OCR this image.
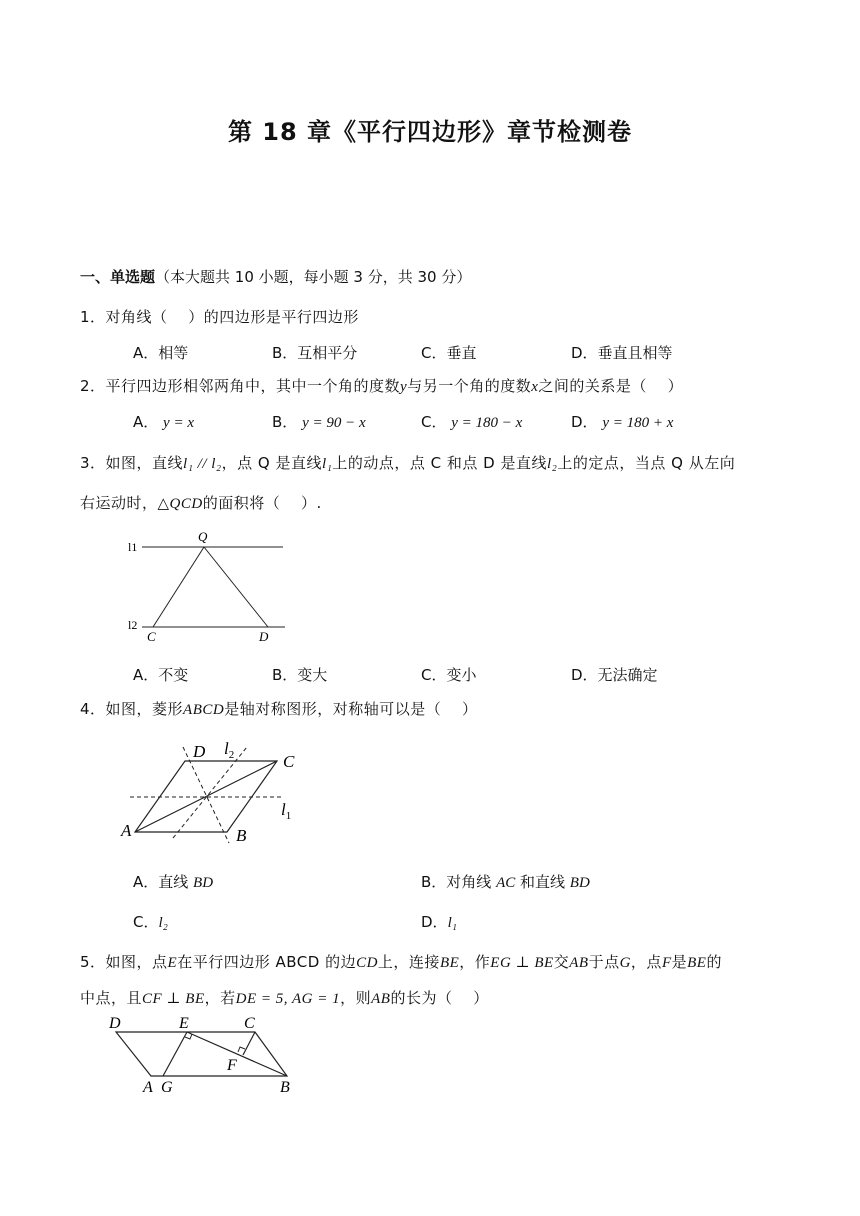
第 18 章《平行四边形》章节检测卷
一、单选题（本大题共 10 小题，每小题 3 分，共 30 分）
1．对角线（　 ）的四边形是平行四边形
A．相等	B．互相平分	C．垂直	D．垂直且相等
2．平行四边形相邻两角中，其中一个角的度数y与另一个角的度数x之间的关系是（　 ）
A． y = x	B． y = 90 − x	C． y = 180 − x	D． y = 180 + x
3．如图，直线l₁ // l₂，点 Q 是直线l₁上的动点，点 C 和点 D 是直线l₂上的定点，当点 Q 从左向
右运动时，△QCD的面积将（　 ）.
l1
l2
Q
C	D
A．不变	B．变大	C．变小	D．无法确定
4．如图，菱形ABCD是轴对称图形，对称轴可以是（　 ）
A	B
C
D $l_2$
$l_1$
A．直线 BD	B．对角线 AC 和直线 BD
C．l₂	D．l₁
5．如图，点E在平行四边形 ABCD 的边CD上，连接BE，作EG ⊥ BE交AB于点G，点F是BE的
中点，且CF ⊥ BE，若DE = 5, AG = 1，则AB的长为（　 ）
D	E	C
F
A G	B
